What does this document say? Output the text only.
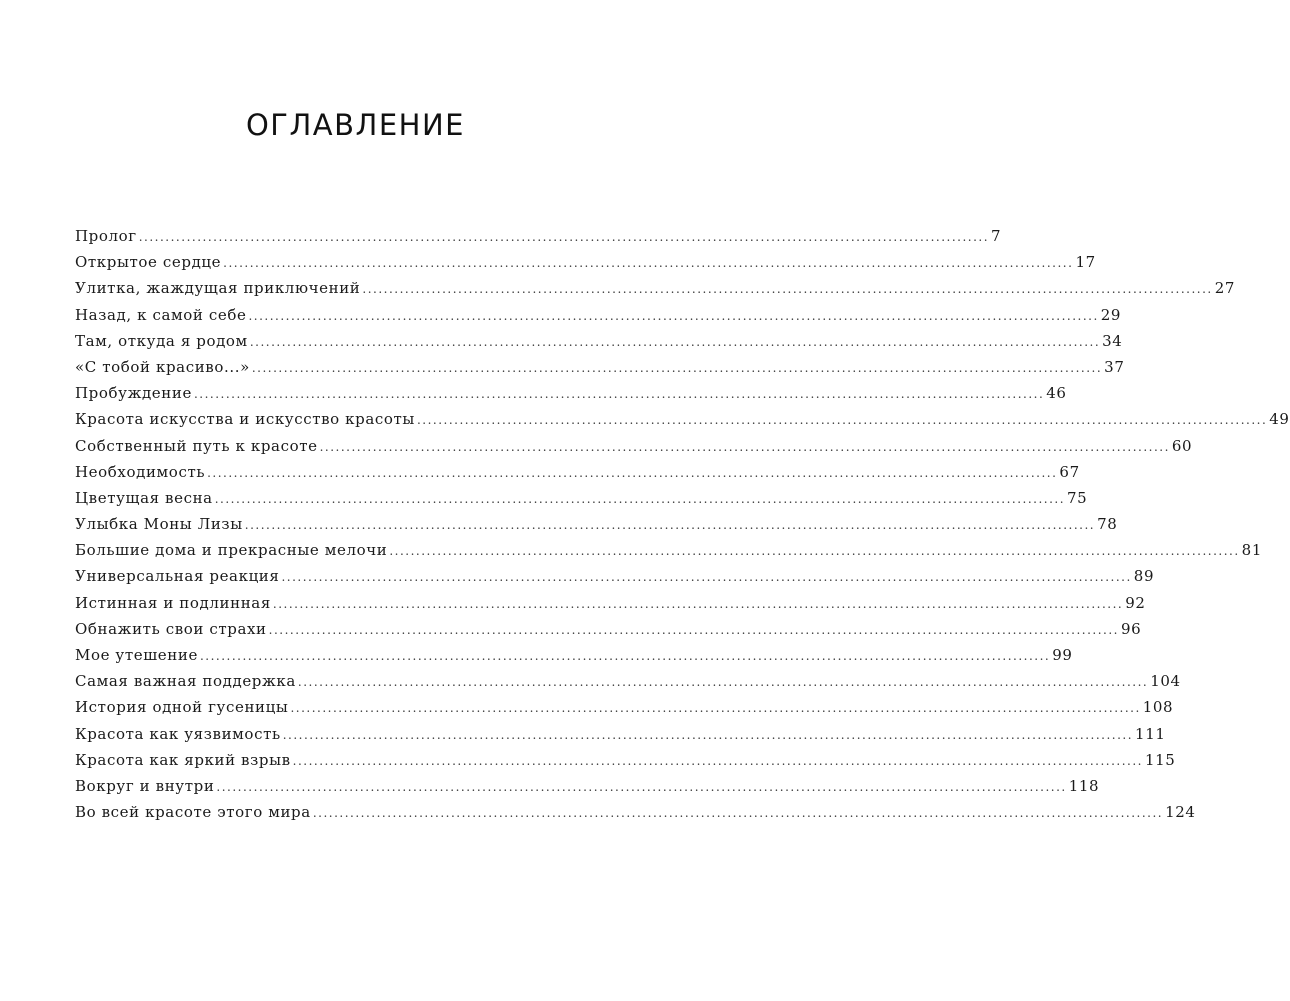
ОГЛАВЛЕНИЕ
Пролог ................................................................................................................................................................ 7
Открытое сердце ................................................................................................................................................................ 17
Улитка, жаждущая приключений ................................................................................................................................................................ 27
Назад, к самой себе ................................................................................................................................................................ 29
Там, откуда я родом ................................................................................................................................................................ 34
«С тобой красиво...» ................................................................................................................................................................ 37
Пробуждение ................................................................................................................................................................ 46
Красота искусства и искусство красоты ................................................................................................................................................................ 49
Собственный путь к красоте ................................................................................................................................................................ 60
Необходимость ................................................................................................................................................................ 67
Цветущая весна ................................................................................................................................................................ 75
Улыбка Моны Лизы ................................................................................................................................................................ 78
Большие дома и прекрасные мелочи ................................................................................................................................................................ 81
Универсальная реакция ................................................................................................................................................................ 89
Истинная и подлинная ................................................................................................................................................................ 92
Обнажить свои страхи ................................................................................................................................................................ 96
Мое утешение ................................................................................................................................................................ 99
Самая важная поддержка ................................................................................................................................................................ 104
История одной гусеницы ................................................................................................................................................................ 108
Красота как уязвимость ................................................................................................................................................................ 111
Красота как яркий взрыв ................................................................................................................................................................ 115
Вокруг и внутри ................................................................................................................................................................ 118
Во всей красоте этого мира ................................................................................................................................................................ 124
